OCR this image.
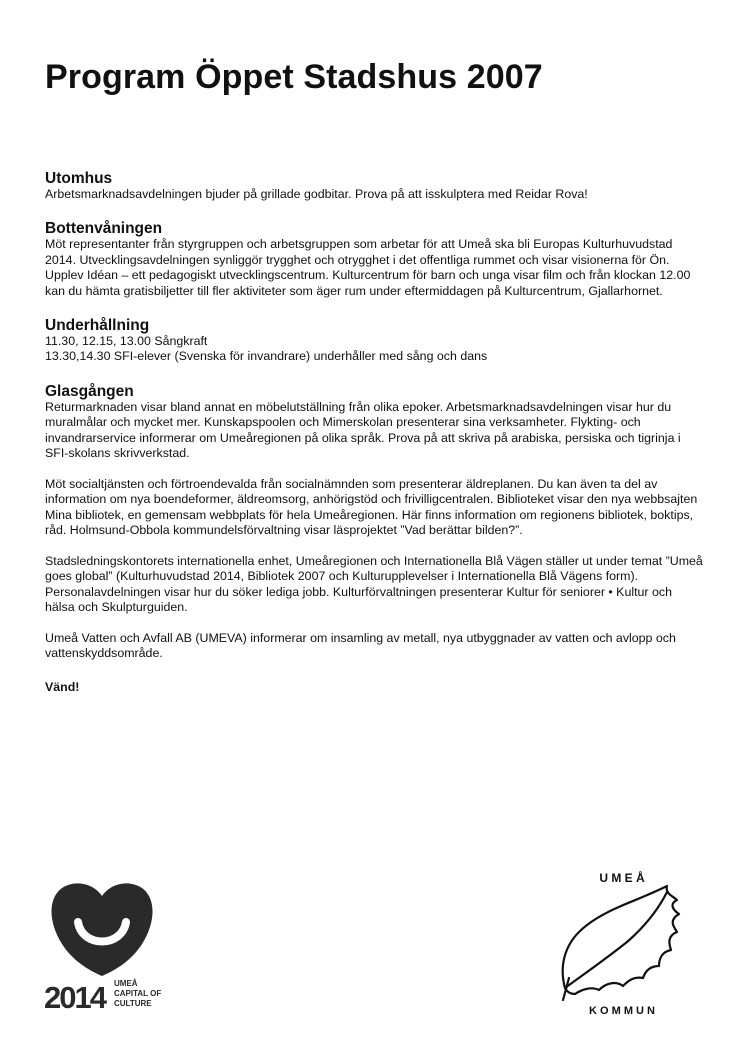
Program Öppet Stadshus 2007
Utomhus

Arbetsmarknadsavdelningen bjuder på grillade godbitar. Prova på att isskulptera med Reidar Rova!

Bottenvåningen

Möt representanter från styrgruppen och arbetsgruppen som arbetar för att Umeå ska bli Europas Kulturhuvudstad 2014. Utvecklingsavdelningen synliggör trygghet och otrygghet i det offentliga rummet och visar visionerna för Ön. Upplev Idéan – ett pedagogiskt utvecklingscentrum. Kulturcentrum för barn och unga visar film och från klockan 12.00 kan du hämta gratisbiljetter till fler aktiviteter som äger rum under eftermiddagen på Kulturcentrum, Gjallarhornet.

Underhållning

11.30, 12.15, 13.00 Sångkraft

13.30,14.30 SFI-elever (Svenska för invandrare) underhåller med sång och dans

Glasgången

Returmarknaden visar bland annat en möbelutställning från olika epoker. Arbetsmarknadsavdelningen visar hur du muralmålar och mycket mer. Kunskapspoolen och Mimerskolan presenterar sina verksamheter. Flykting- och invandrarservice informerar om Umeåregionen på olika språk. Prova på att skriva på arabiska, persiska och tigrinja i SFI-skolans skrivverkstad.

Möt socialtjänsten och förtroendevalda från socialnämnden som presenterar äldreplanen. Du kan även ta del av information om nya boendeformer, äldreomsorg, anhörigstöd och frivilligcentralen. Biblioteket visar den nya webbsajten Mina bibliotek, en gemensam webbplats för hela Umeåregionen. Här finns information om regionens bibliotek, boktips, råd. Holmsund-Obbola kommundelsförvaltning visar läsprojektet ”Vad berättar bilden?”.

Stadsledningskontorets internationella enhet, Umeåregionen och Internationella Blå Vägen ställer ut under temat ”Umeå goes global” (Kulturhuvudstad 2014, Bibliotek 2007 och Kulturupplevelser i Internationella Blå Vägens form). Personalavdelningen visar hur du söker lediga jobb. Kulturförvaltningen presenterar Kultur för seniorer • Kultur och hälsa och Skulpturguiden.

Umeå Vatten och Avfall AB (UMEVA) informerar om insamling av metall, nya utbyggnader av vatten och avlopp och vattenskyddsområde.

Vänd!
2014	UMEÅ
CAPITAL OF
CULTURE
U M E Å
K O M M U N
